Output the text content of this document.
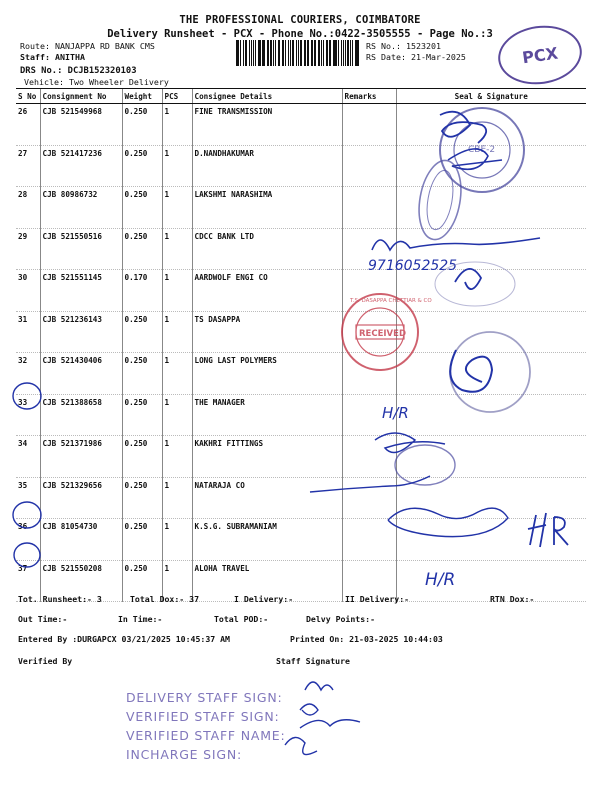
THE PROFESSIONAL COURIERS, COIMBATORE
Delivery Runsheet - PCX - Phone No.:0422-3505555 - Page No.:3
Route: NANJAPPA RD BANK CMS
Staff: ANITHA
DRS No.: DCJB152320103
Vehicle: Two Wheeler Delivery
RS No.: 1523201
RS Date: 21-Mar-2025	PCX
S No	Consignment No	Weight	PCS	Consignee Details	Remarks	Seal & Signature
26	CJB 521549968	0.250	1	FINE TRANSMISSION		
27	CJB 521417236	0.250	1	D.NANDHAKUMAR		
28	CJB 80986732	0.250	1	LAKSHMI NARASHIMA		
29	CJB 521550516	0.250	1	CDCC BANK LTD		
30	CJB 521551145	0.170	1	AARDWOLF ENGI CO		
31	CJB 521236143	0.250	1	TS DASAPPA		
32	CJB 521430406	0.250	1	LONG LAST POLYMERS		
33	CJB 521388658	0.250	1	THE MANAGER		
34	CJB 521371986	0.250	1	KAKHRI FITTINGS		
35	CJB 521329656	0.250	1	NATARAJA CO		
36	CJB 81054730	0.250	1	K.S.G. SUBRAMANIAM		
37	CJB 521550208	0.250	1	ALOHA TRAVEL		
Tot. Runsheet:- 3	Total Dox:- 37	I Delivery:-	II Delivery:-	RTN Dox:-
Out Time:-	In Time:-	Total POD:-	Delvy Points:-
Entered By :DURGAPCX 03/21/2025 10:45:37 AM	Printed On: 21-03-2025 10:44:03
Verified By	Staff Signature
DELIVERY STAFF SIGN:
VERIFIED STAFF SIGN:
VERIFIED STAFF NAME:
INCHARGE SIGN:
CBE-2
9716052525
RECEIVED
T.S. DASAPPA CHETTIAR & CO
H/R
H/R
